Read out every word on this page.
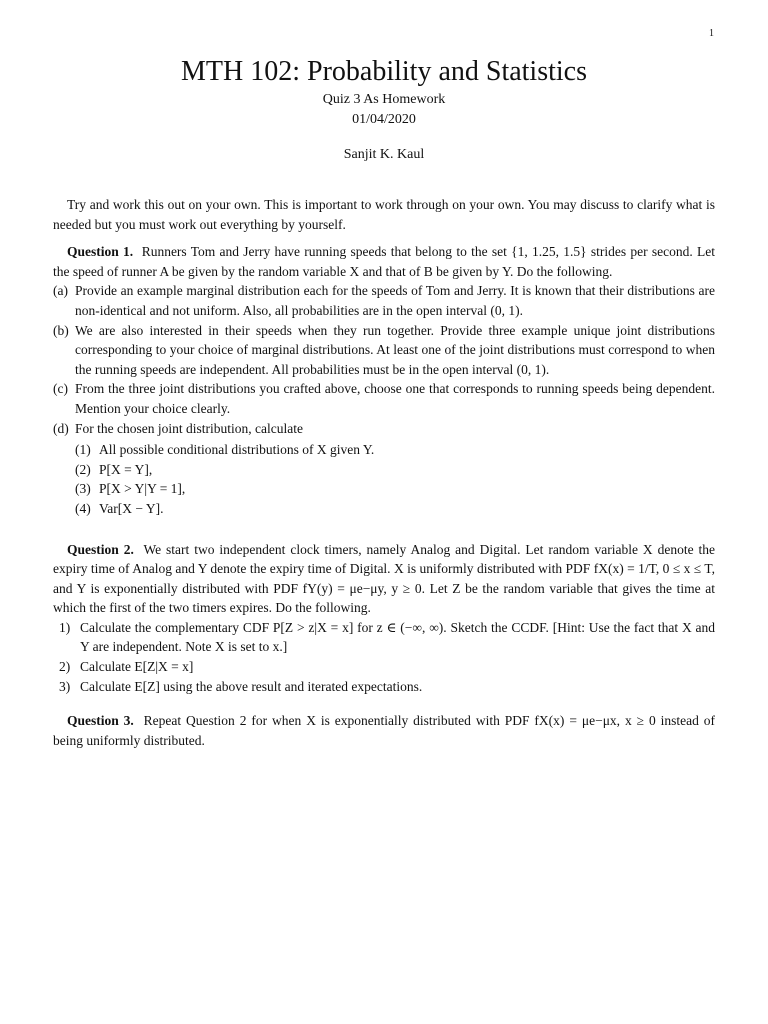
1
MTH 102: Probability and Statistics
Quiz 3 As Homework
01/04/2020
Sanjit K. Kaul

Try and work this out on your own. This is important to work through on your own. You may discuss to clarify what is needed but you must work out everything by yourself.

Question 1. Runners Tom and Jerry have running speeds that belong to the set {1, 1.25, 1.5} strides per second. Let the speed of runner A be given by the random variable X and that of B be given by Y. Do the following.

(a) Provide an example marginal distribution each for the speeds of Tom and Jerry. It is known that their distributions are non-identical and not uniform. Also, all probabilities are in the open interval (0, 1).
(b) We are also interested in their speeds when they run together. Provide three example unique joint distributions corresponding to your choice of marginal distributions. At least one of the joint distributions must correspond to when the running speeds are independent. All probabilities must be in the open interval (0, 1).
(c) From the three joint distributions you crafted above, choose one that corresponds to running speeds being dependent. Mention your choice clearly.
(d) For the chosen joint distribution, calculate
(1) All possible conditional distributions of X given Y.
(2) P[X = Y],
(3) P[X > Y|Y = 1],
(4) Var[X − Y].

Question 2. We start two independent clock timers, namely Analog and Digital. Let random variable X denote the expiry time of Analog and Y denote the expiry time of Digital. X is uniformly distributed with PDF fX(x) = 1/T, 0 ≤ x ≤ T, and Y is exponentially distributed with PDF fY(y) = μe−μy, y ≥ 0. Let Z be the random variable that gives the time at which the first of the two timers expires. Do the following.

1) Calculate the complementary CDF P[Z > z|X = x] for z ∈ (−∞, ∞). Sketch the CCDF. [Hint: Use the fact that X and Y are independent. Note X is set to x.]
2) Calculate E[Z|X = x]
3) Calculate E[Z] using the above result and iterated expectations.

Question 3. Repeat Question 2 for when X is exponentially distributed with PDF fX(x) = μe−μx, x ≥ 0 instead of being uniformly distributed.
